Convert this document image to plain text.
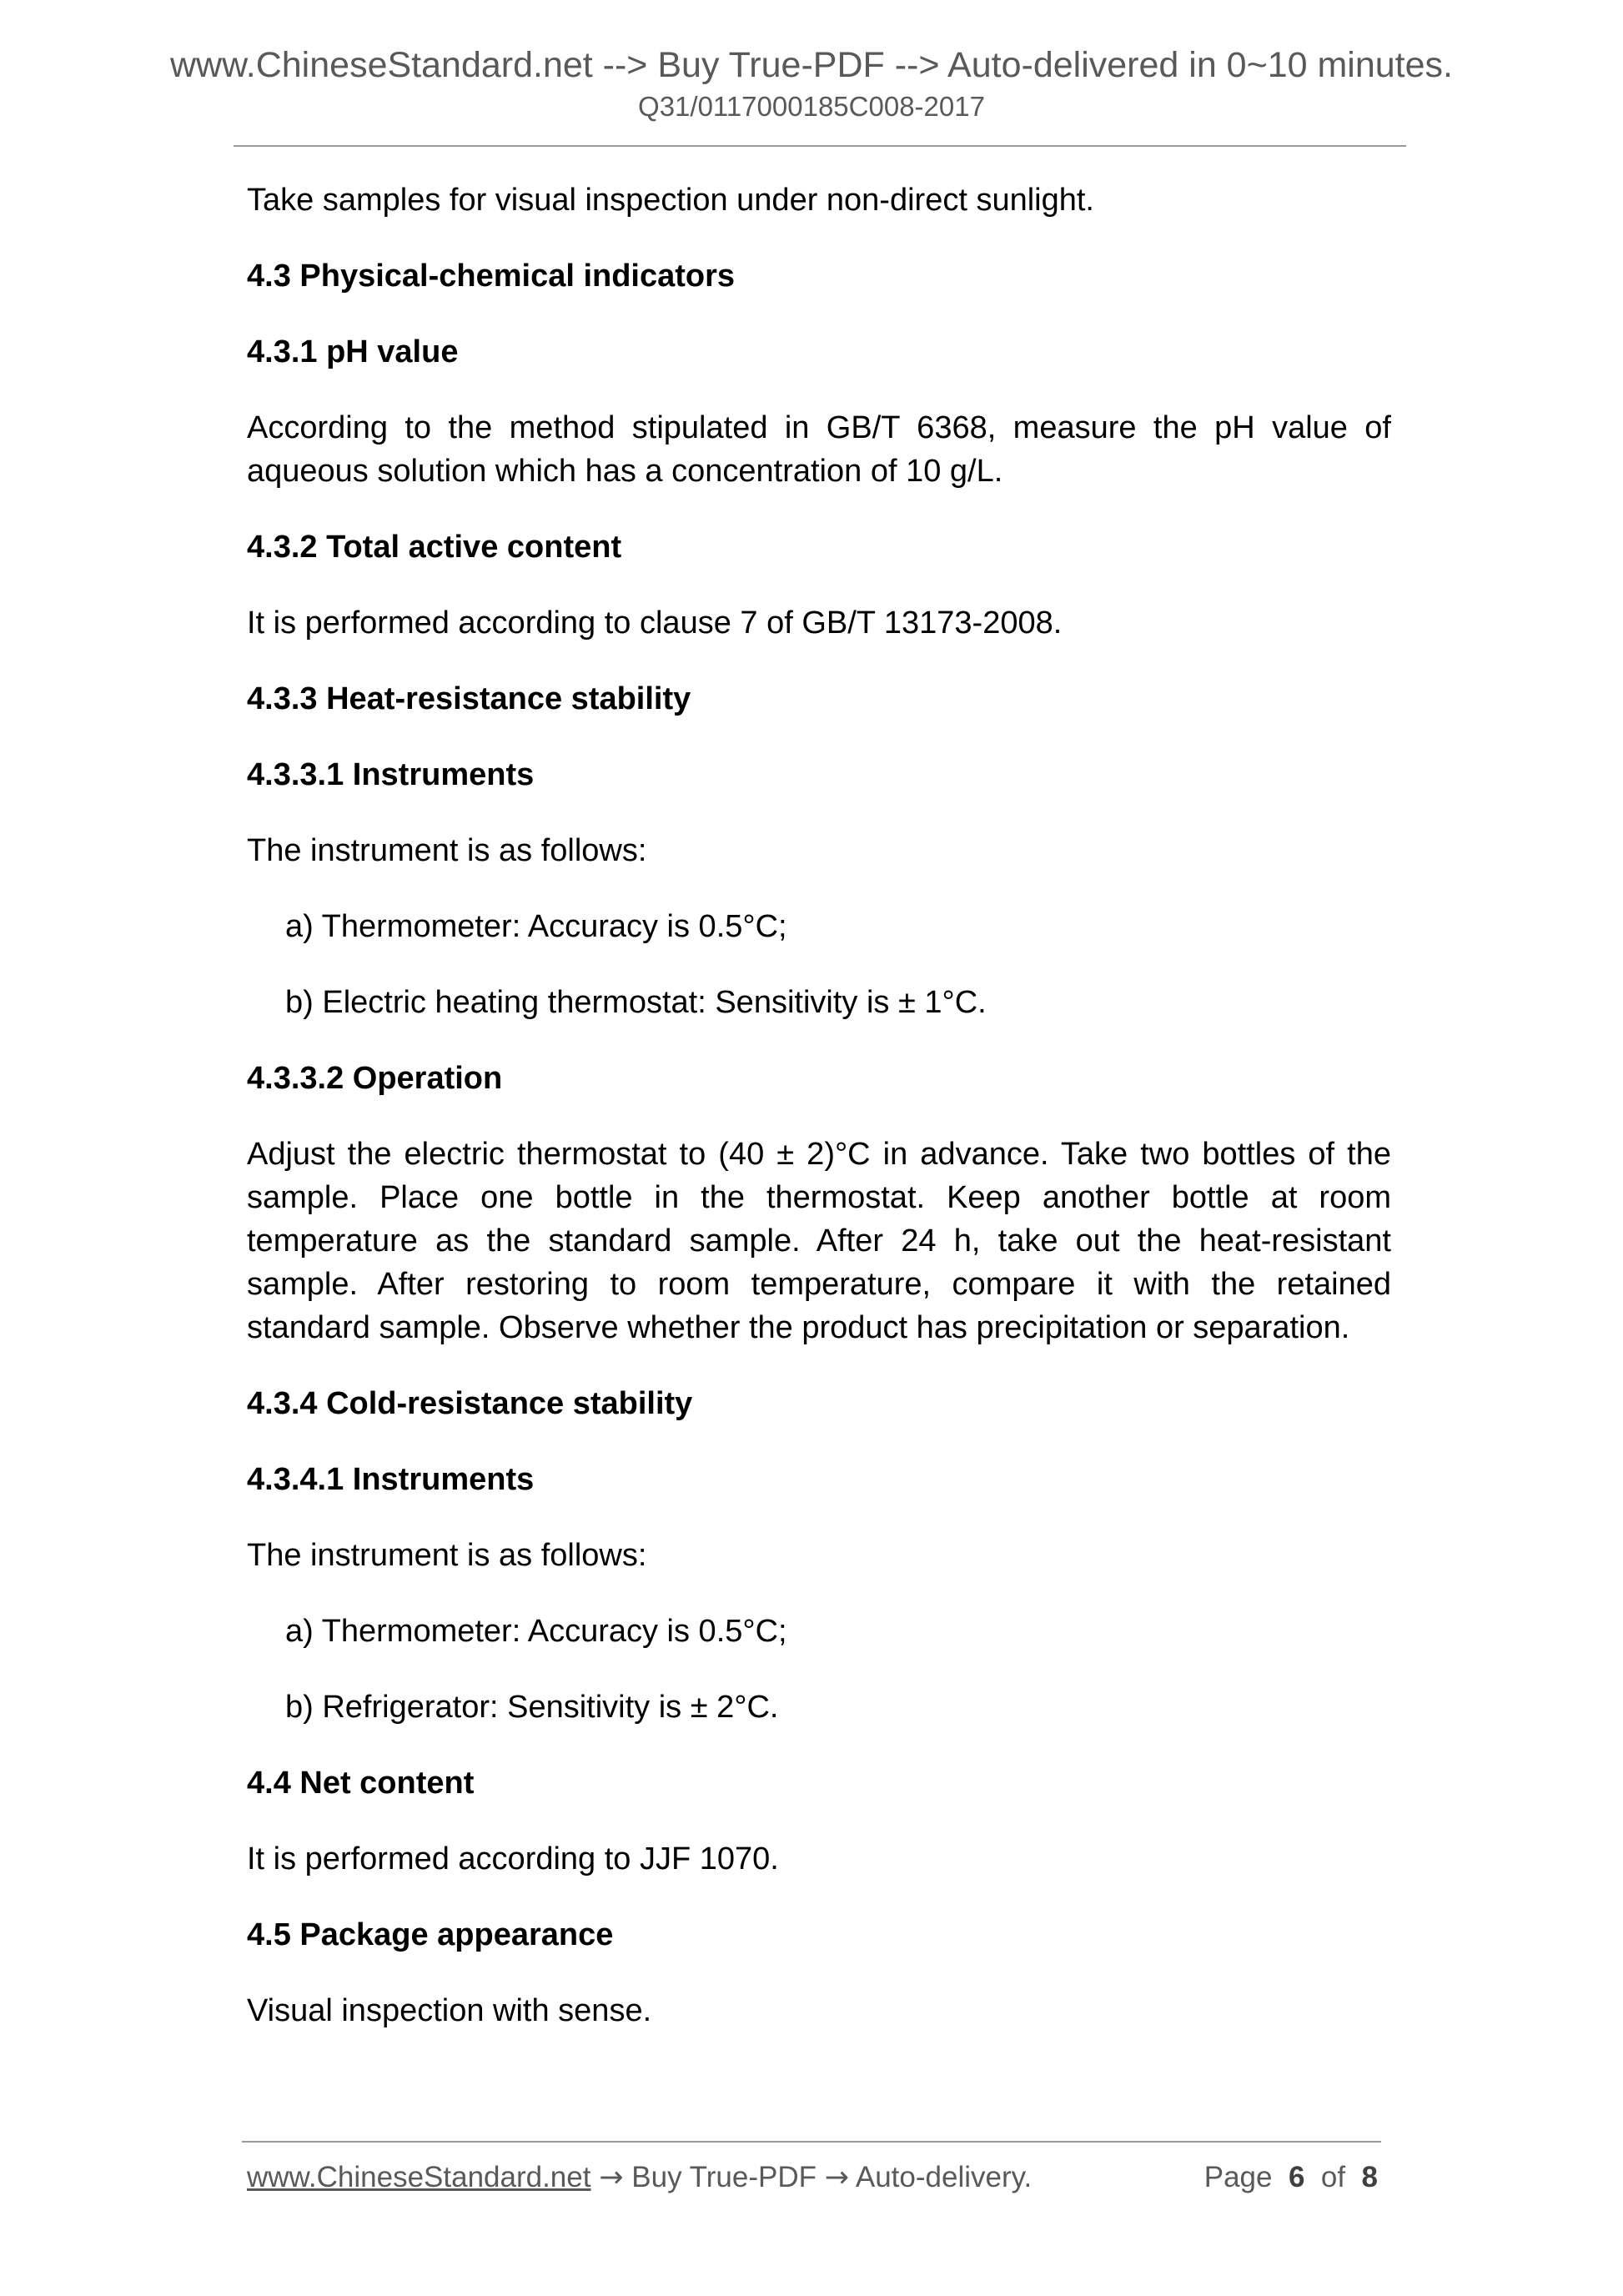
www.ChineseStandard.net --> Buy True-PDF --> Auto-delivered in 0~10 minutes.
Q31/0117000185C008-2017
Take samples for visual inspection under non-direct sunlight.
4.3 Physical-chemical indicators
4.3.1 pH value
According to the method stipulated in GB/T 6368, measure the pH value of
aqueous solution which has a concentration of 10 g/L.
4.3.2 Total active content
It is performed according to clause 7 of GB/T 13173-2008.
4.3.3 Heat-resistance stability
4.3.3.1 Instruments
The instrument is as follows:
a) Thermometer: Accuracy is 0.5°C;
b) Electric heating thermostat: Sensitivity is ± 1°C.
4.3.3.2 Operation
Adjust the electric thermostat to (40 ± 2)°C in advance. Take two bottles of the
sample. Place one bottle in the thermostat. Keep another bottle at room
temperature as the standard sample. After 24 h, take out the heat-resistant
sample. After restoring to room temperature, compare it with the retained
standard sample. Observe whether the product has precipitation or separation.
4.3.4 Cold-resistance stability
4.3.4.1 Instruments
The instrument is as follows:
a) Thermometer: Accuracy is 0.5°C;
b) Refrigerator: Sensitivity is ± 2°C.
4.4 Net content
It is performed according to JJF 1070.
4.5 Package appearance
Visual inspection with sense.
www.ChineseStandard.net → Buy True-PDF → Auto-delivery.	Page 6 of 8
